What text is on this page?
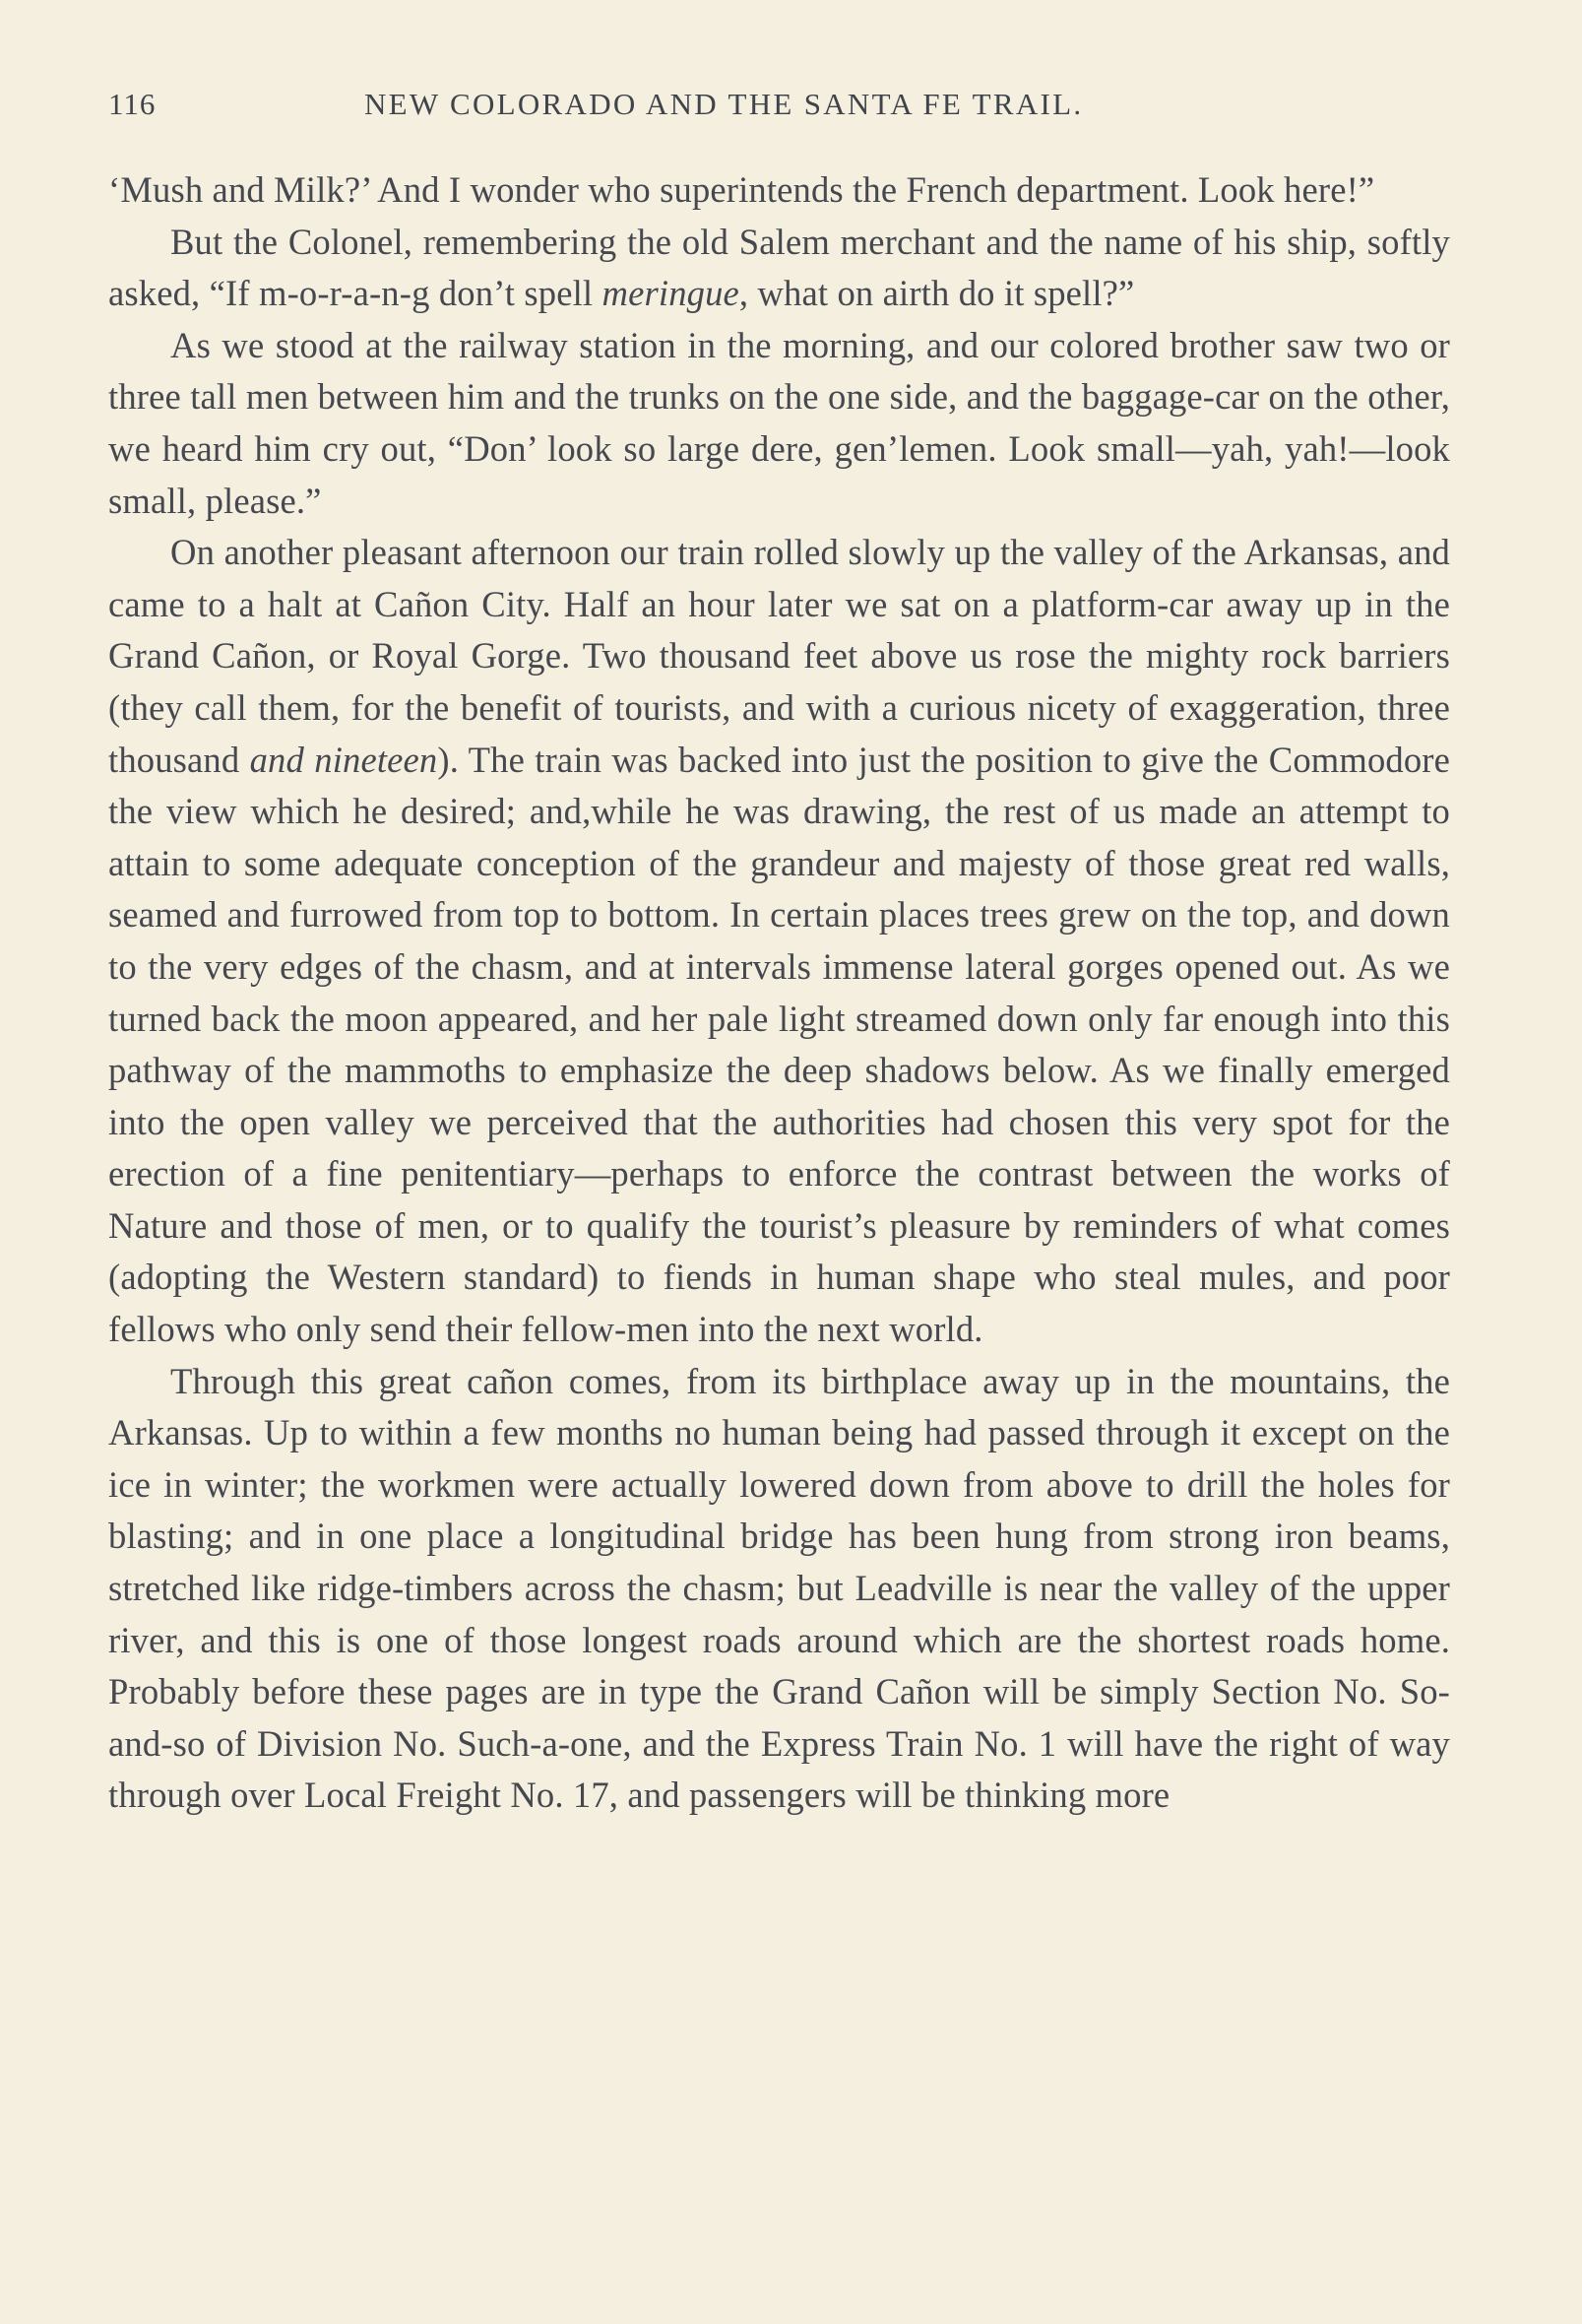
116	NEW COLORADO AND THE SANTA FE TRAIL.

‘Mush and Milk?’ And I wonder who superintends the French department. Look here!”

But the Colonel, remembering the old Salem merchant and the name of his ship, softly asked, “If m-o-r-a-n-g don’t spell meringue, what on airth do it spell?”

As we stood at the railway station in the morning, and our colored brother saw two or three tall men between him and the trunks on the one side, and the baggage-car on the other, we heard him cry out, “Don’ look so large dere, gen’lemen. Look small—yah, yah!—look small, please.”

On another pleasant afternoon our train rolled slowly up the valley of the Arkansas, and came to a halt at Cañon City. Half an hour later we sat on a platform-car away up in the Grand Cañon, or Royal Gorge. Two thousand feet above us rose the mighty rock barriers (they call them, for the benefit of tourists, and with a curious nicety of exaggeration, three thousand and nineteen). The train was backed into just the position to give the Commodore the view which he desired; and,while he was drawing, the rest of us made an attempt to attain to some adequate conception of the grandeur and majesty of those great red walls, seamed and furrowed from top to bottom. In certain places trees grew on the top, and down to the very edges of the chasm, and at intervals immense lateral gorges opened out. As we turned back the moon appeared, and her pale light streamed down only far enough into this pathway of the mammoths to emphasize the deep shadows below. As we finally emerged into the open valley we perceived that the authorities had chosen this very spot for the erection of a fine penitentiary—perhaps to enforce the contrast between the works of Nature and those of men, or to qualify the tourist’s pleasure by reminders of what comes (adopting the Western standard) to fiends in human shape who steal mules, and poor fellows who only send their fellow-men into the next world.

Through this great cañon comes, from its birthplace away up in the mountains, the Arkansas. Up to within a few months no human being had passed through it except on the ice in winter; the workmen were actually lowered down from above to drill the holes for blasting; and in one place a longitudinal bridge has been hung from strong iron beams, stretched like ridge-timbers across the chasm; but Leadville is near the valley of the upper river, and this is one of those longest roads around which are the shortest roads home. Probably before these pages are in type the Grand Cañon will be simply Section No. So-and-so of Division No. Such-a-one, and the Express Train No. 1 will have the right of way through over Local Freight No. 17, and passengers will be thinking more
